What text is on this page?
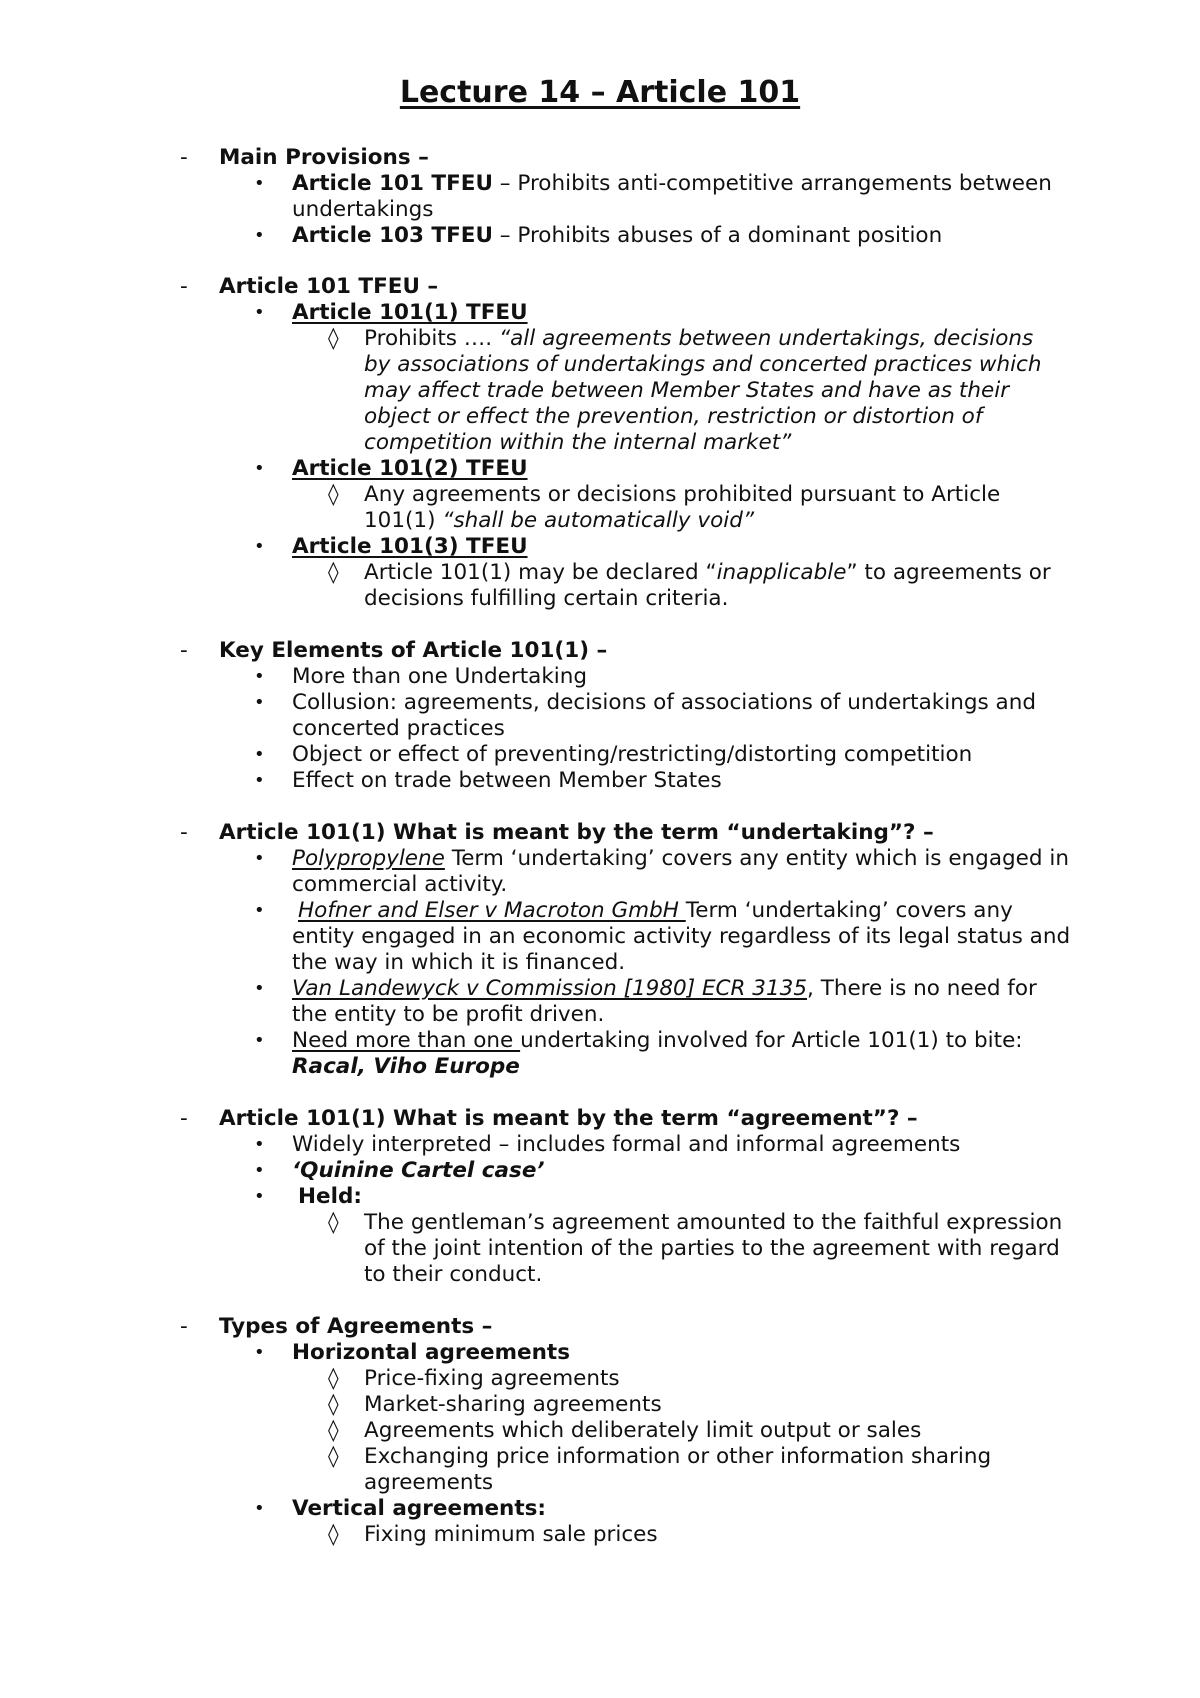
Lecture 14 – Article 101
- Main Provisions –
• Article 101 TFEU – Prohibits anti-competitive arrangements between undertakings
• Article 103 TFEU – Prohibits abuses of a dominant position
- Article 101 TFEU –
• Article 101(1) TFEU
◊ Prohibits …. “all agreements between undertakings, decisions by associations of undertakings and concerted practices which may affect trade between Member States and have as their object or effect the prevention, restriction or distortion of competition within the internal market”
• Article 101(2) TFEU
◊ Any agreements or decisions prohibited pursuant to Article 101(1) “shall be automatically void”
• Article 101(3) TFEU
◊ Article 101(1) may be declared “inapplicable” to agreements or decisions fulfilling certain criteria.
- Key Elements of Article 101(1) –
• More than one Undertaking
• Collusion: agreements, decisions of associations of undertakings and concerted practices
• Object or effect of preventing/restricting/distorting competition
• Effect on trade between Member States
- Article 101(1) What is meant by the term “undertaking”? –
• Polypropylene Term ‘undertaking’ covers any entity which is engaged in commercial activity.
• Hofner and Elser v Macroton GmbH Term ‘undertaking’ covers any entity engaged in an economic activity regardless of its legal status and the way in which it is financed.
• Van Landewyck v Commission [1980] ECR 3135, There is no need for the entity to be profit driven.
• Need more than one undertaking involved for Article 101(1) to bite: Racal, Viho Europe
- Article 101(1) What is meant by the term “agreement”? –
• Widely interpreted – includes formal and informal agreements
• ‘Quinine Cartel case’
• Held:
◊ The gentleman’s agreement amounted to the faithful expression of the joint intention of the parties to the agreement with regard to their conduct.
- Types of Agreements –
• Horizontal agreements
◊ Price-fixing agreements
◊ Market-sharing agreements
◊ Agreements which deliberately limit output or sales
◊ Exchanging price information or other information sharing agreements
• Vertical agreements:
◊ Fixing minimum sale prices
